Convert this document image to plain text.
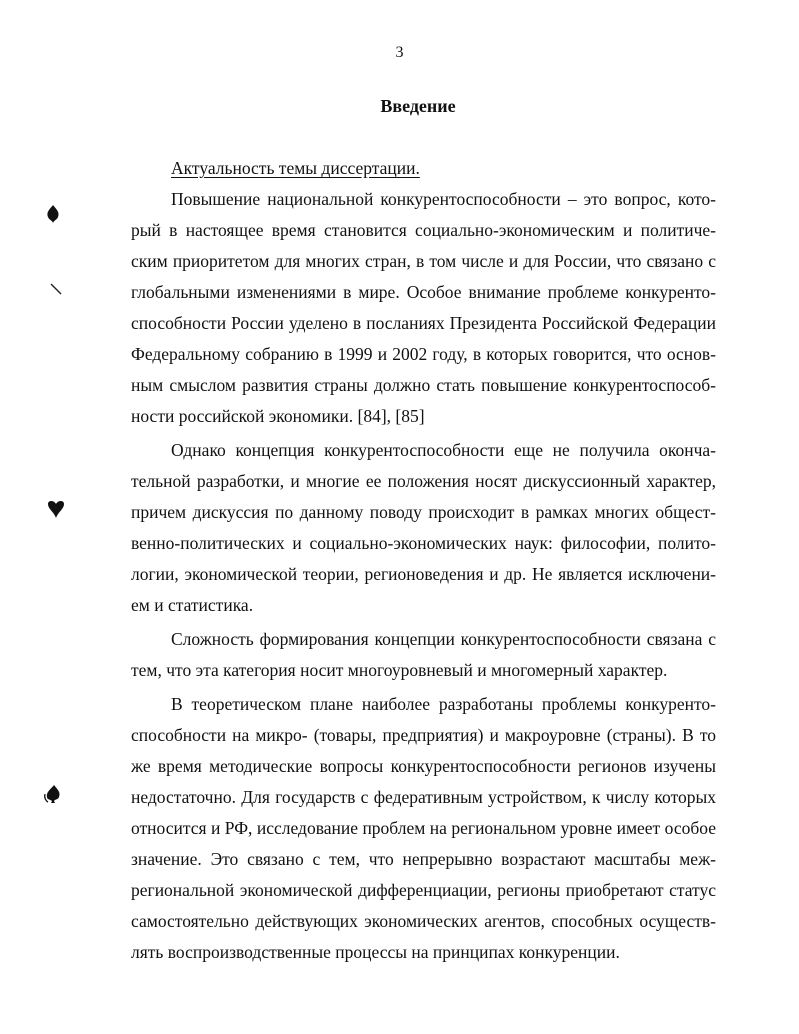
3
Введение

Актуальность темы диссертации.

Повышение национальной конкурентоспособности – это вопрос, который в настоящее время становится социально-экономическим и политическим приоритетом для многих стран, в том числе и для России, что связано с глобальными изменениями в мире. Особое внимание проблеме конкурентоспособности России уделено в посланиях Президента Российской Федерации Федеральному собранию в 1999 и 2002 году, в которых говорится, что основным смыслом развития страны должно стать повышение конкурентоспособности российской экономики. [84], [85]

Однако концепция конкурентоспособности еще не получила окончательной разработки, и многие ее положения носят дискуссионный характер, причем дискуссия по данному поводу происходит в рамках многих общественно-политических и социально-экономических наук: философии, политологии, экономической теории, регионоведения и др. Не является исключением и статистика.

Сложность формирования концепции конкурентоспособности связана с тем, что эта категория носит многоуровневый и многомерный характер.

В теоретическом плане наиболее разработаны проблемы конкурентоспособности на микро- (товары, предприятия) и макроуровне (страны). В то же время методические вопросы конкурентоспособности регионов изучены недостаточно. Для государств с федеративным устройством, к числу которых относится и РФ, исследование проблем на региональном уровне имеет особое значение. Это связано с тем, что непрерывно возрастают масштабы межрегиональной экономической дифференциации, регионы приобретают статус самостоятельно действующих экономических агентов, способных осуществлять воспроизводственные процессы на принципах конкуренции.
